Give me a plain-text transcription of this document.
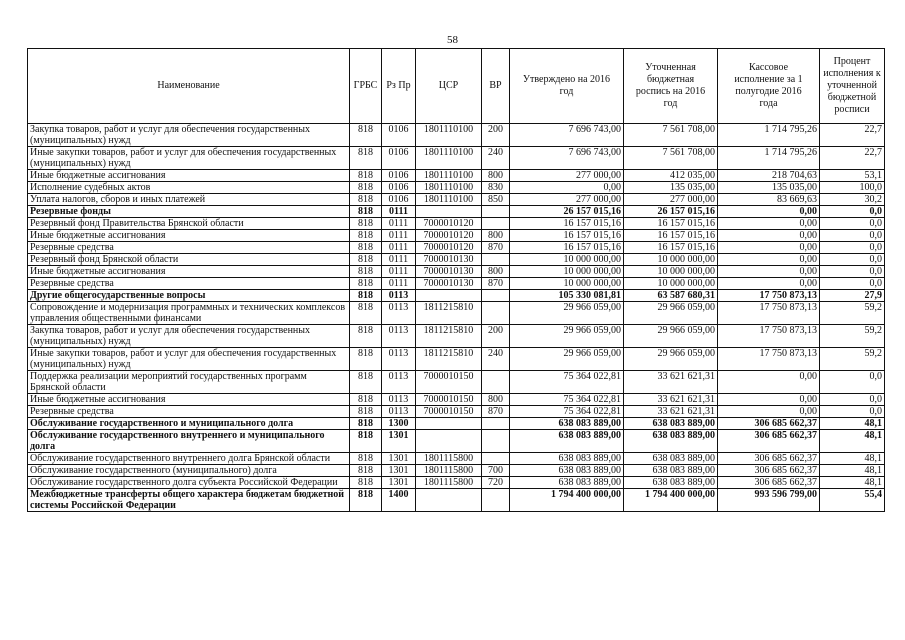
58
Наименование	ГРБС	Рз Пр	ЦСР	ВР	Утверждено на 2016 год	Уточненная бюджетная роспись на 2016 год	Кассовое исполнение за 1 полугодие 2016 года	Процент исполнения к уточненной бюджетной росписи
Закупка товаров, работ и услуг для обеспечения государственных (муниципальных) нужд	818	0106	1801110100	200	7 696 743,00	7 561 708,00	1 714 795,26	22,7
Иные закупки товаров, работ и услуг для обеспечения государственных (муниципальных) нужд	818	0106	1801110100	240	7 696 743,00	7 561 708,00	1 714 795,26	22,7
Иные бюджетные ассигнования	818	0106	1801110100	800	277 000,00	412 035,00	218 704,63	53,1
Исполнение судебных актов	818	0106	1801110100	830	0,00	135 035,00	135 035,00	100,0
Уплата налогов, сборов и иных платежей	818	0106	1801110100	850	277 000,00	277 000,00	83 669,63	30,2
Резервные фонды	818	0111			26 157 015,16	26 157 015,16	0,00	0,0
Резервный фонд Правительства Брянской области	818	0111	7000010120		16 157 015,16	16 157 015,16	0,00	0,0
Иные бюджетные ассигнования	818	0111	7000010120	800	16 157 015,16	16 157 015,16	0,00	0,0
Резервные средства	818	0111	7000010120	870	16 157 015,16	16 157 015,16	0,00	0,0
Резервный фонд Брянской области	818	0111	7000010130		10 000 000,00	10 000 000,00	0,00	0,0
Иные бюджетные ассигнования	818	0111	7000010130	800	10 000 000,00	10 000 000,00	0,00	0,0
Резервные средства	818	0111	7000010130	870	10 000 000,00	10 000 000,00	0,00	0,0
Другие общегосударственные вопросы	818	0113			105 330 081,81	63 587 680,31	17 750 873,13	27,9
Сопровождение и модернизация программных и технических комплексов управления общественными финансами	818	0113	1811215810		29 966 059,00	29 966 059,00	17 750 873,13	59,2
Закупка товаров, работ и услуг для обеспечения государственных (муниципальных) нужд	818	0113	1811215810	200	29 966 059,00	29 966 059,00	17 750 873,13	59,2
Иные закупки товаров, работ и услуг для обеспечения государственных (муниципальных) нужд	818	0113	1811215810	240	29 966 059,00	29 966 059,00	17 750 873,13	59,2
Поддержка реализации мероприятий государственных программ Брянской области	818	0113	7000010150		75 364 022,81	33 621 621,31	0,00	0,0
Иные бюджетные ассигнования	818	0113	7000010150	800	75 364 022,81	33 621 621,31	0,00	0,0
Резервные средства	818	0113	7000010150	870	75 364 022,81	33 621 621,31	0,00	0,0
Обслуживание государственного и муниципального долга	818	1300			638 083 889,00	638 083 889,00	306 685 662,37	48,1
Обслуживание государственного внутреннего и муниципального долга	818	1301			638 083 889,00	638 083 889,00	306 685 662,37	48,1
Обслуживание государственного внутреннего долга Брянской области	818	1301	1801115800		638 083 889,00	638 083 889,00	306 685 662,37	48,1
Обслуживание государственного (муниципального) долга	818	1301	1801115800	700	638 083 889,00	638 083 889,00	306 685 662,37	48,1
Обслуживание государственного долга субъекта Российской Федерации	818	1301	1801115800	720	638 083 889,00	638 083 889,00	306 685 662,37	48,1
Межбюджетные трансферты общего характера бюджетам бюджетной системы Российской Федерации	818	1400			1 794 400 000,00	1 794 400 000,00	993 596 799,00	55,4
